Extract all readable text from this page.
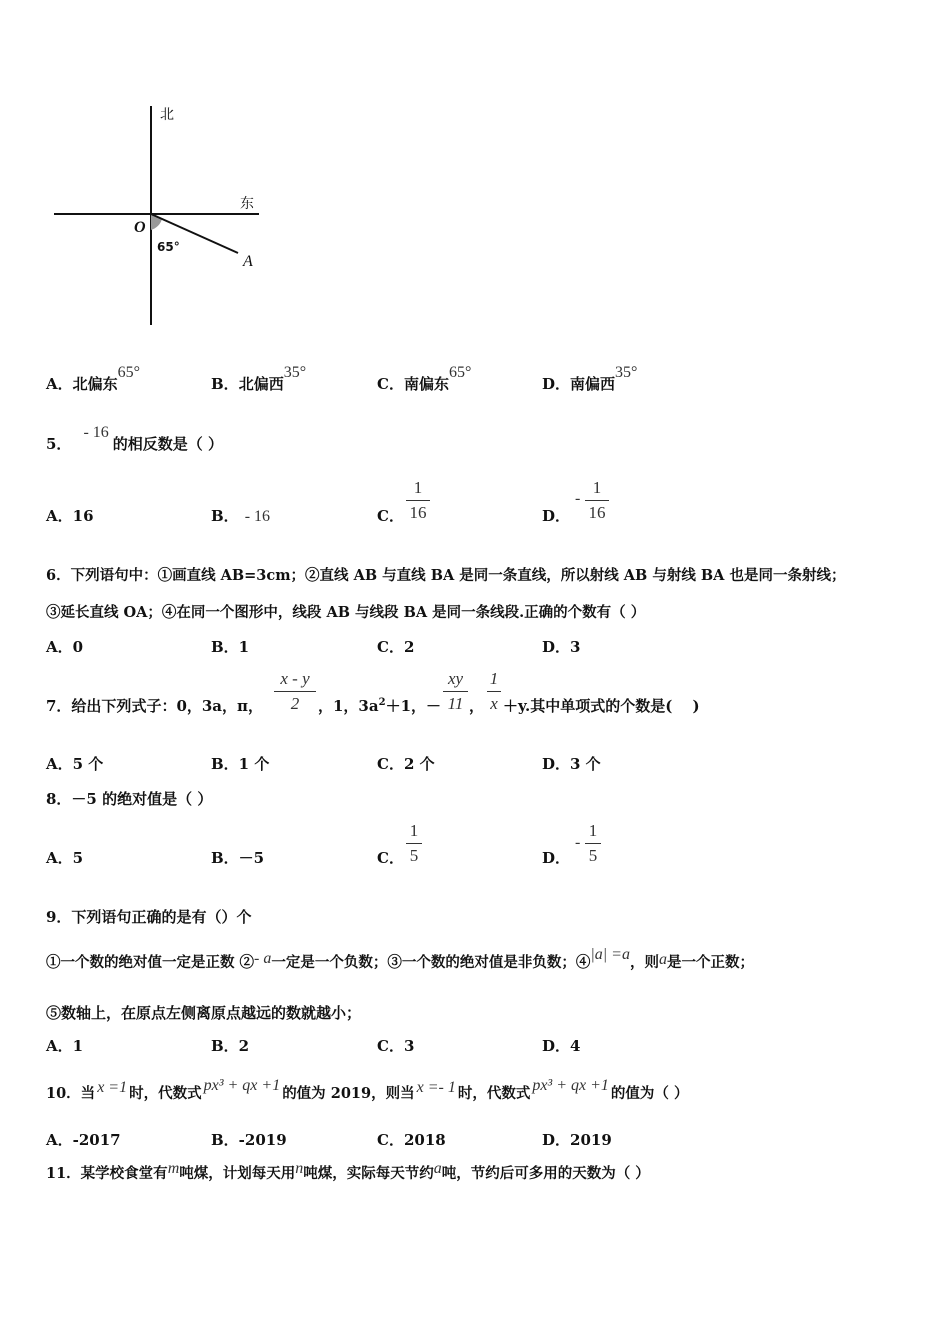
北
东
O
A
65°
A．北偏东65°
B．北偏西35°
C．南偏东65°
D．南偏西35°
5．- 16的相反数是（ ）
A．16	B． - 16	C．
1
16	D．
-
1
16
6．下列语句中：①画直线 AB=3cm；②直线 AB 与直线 BA 是同一条直线，所以射线 AB 与射线 BA 也是同一条射线；
③延长直线 OA；④在同一个图形中，线段 AB 与线段 BA 是同一条线段.正确的个数有（ ）
A．0	B．1	C．2	D．3
7．给出下列式子：0，3a，π，
x - y
2	，1，$3a^2+1$，－
xy
11 ，
1
x ＋y.其中单项式的个数是(　 )
A．5 个	B．1 个	C．2 个	D．3 个
8．－5 的绝对值是（ ）
A．5	B．－5	C．
1
5	D．
-
1
5
9．下列语句正确的是有（）个
①一个数的绝对值一定是正数 ②- a一定是一个负数；③一个数的绝对值是非负数；④|a| =a，则a是一个正数；
⑤数轴上，在原点左侧离原点越远的数就越小；
A．1	B．2	C．3	D．4
10．当 x =1 时，代数式 px³ + qx +1 的值为 2019，则当 x =- 1 时，代数式 px³ + qx +1 的值为（ ）
A．-2017	B．-2019	C．2018	D．2019
11．某学校食堂有m吨煤，计划每天用n吨煤，实际每天节约a吨，节约后可多用的天数为（ ）
